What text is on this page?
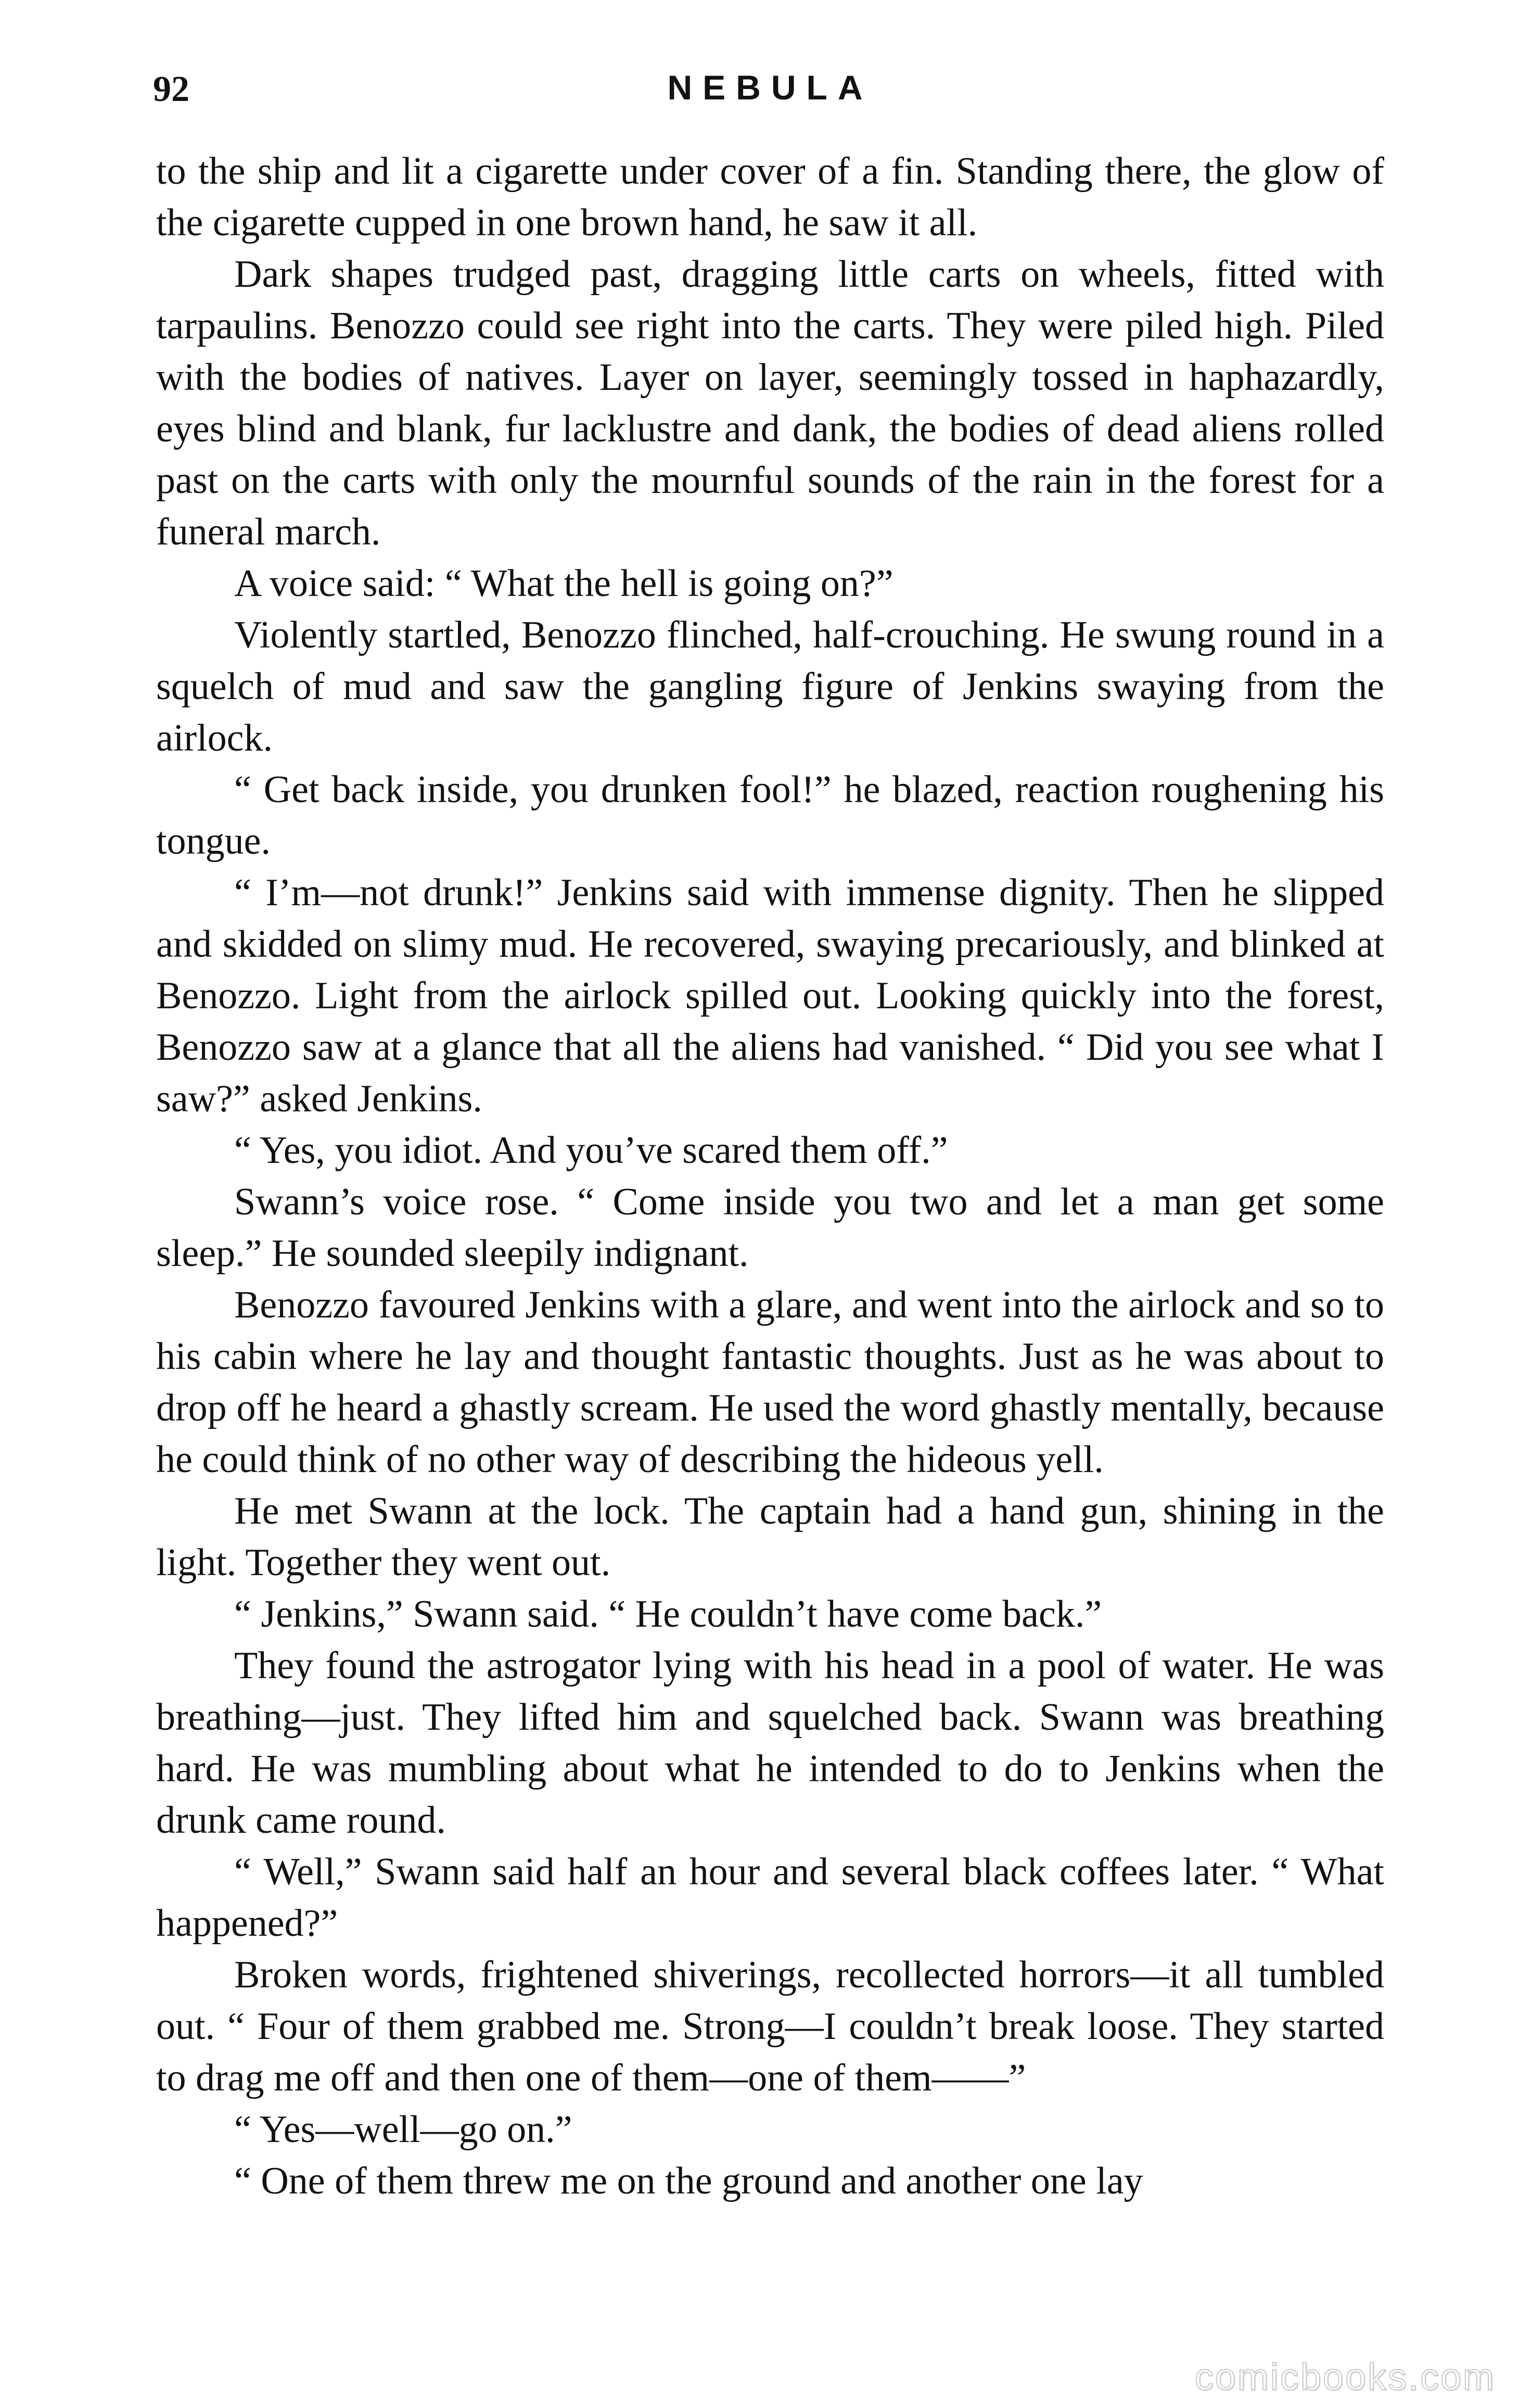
92	NEBULA

to the ship and lit a cigarette under cover of a fin. Standing there, the glow of the cigarette cupped in one brown hand, he saw it all.

Dark shapes trudged past, dragging little carts on wheels, fitted with tarpaulins. Benozzo could see right into the carts. They were piled high. Piled with the bodies of natives. Layer on layer, seemingly tossed in haphazardly, eyes blind and blank, fur lacklustre and dank, the bodies of dead aliens rolled past on the carts with only the mournful sounds of the rain in the forest for a funeral march.

A voice said: “ What the hell is going on?”

Violently startled, Benozzo flinched, half-crouching. He swung round in a squelch of mud and saw the gangling figure of Jenkins swaying from the airlock.

“ Get back inside, you drunken fool!” he blazed, reaction roughening his tongue.

“ I’m—not drunk!” Jenkins said with immense dignity. Then he slipped and skidded on slimy mud. He recovered, swaying precariously, and blinked at Benozzo. Light from the airlock spilled out. Looking quickly into the forest, Benozzo saw at a glance that all the aliens had vanished. “ Did you see what I saw?” asked Jenkins.

“ Yes, you idiot. And you’ve scared them off.”

Swann’s voice rose. “ Come inside you two and let a man get some sleep.” He sounded sleepily indignant.

Benozzo favoured Jenkins with a glare, and went into the airlock and so to his cabin where he lay and thought fantastic thoughts. Just as he was about to drop off he heard a ghastly scream. He used the word ghastly mentally, because he could think of no other way of describing the hideous yell.

He met Swann at the lock. The captain had a hand gun, shining in the light. Together they went out.

“ Jenkins,” Swann said. “ He couldn’t have come back.”

They found the astrogator lying with his head in a pool of water. He was breathing—just. They lifted him and squelched back. Swann was breathing hard. He was mumbling about what he intended to do to Jenkins when the drunk came round.

“ Well,” Swann said half an hour and several black coffees later. “ What happened?”

Broken words, frightened shiverings, recollected horrors—it all tumbled out. “ Four of them grabbed me. Strong—I couldn’t break loose. They started to drag me off and then one of them—one of them——”

“ Yes—well—go on.”

“ One of them threw me on the ground and another one lay

comicbooks.com
